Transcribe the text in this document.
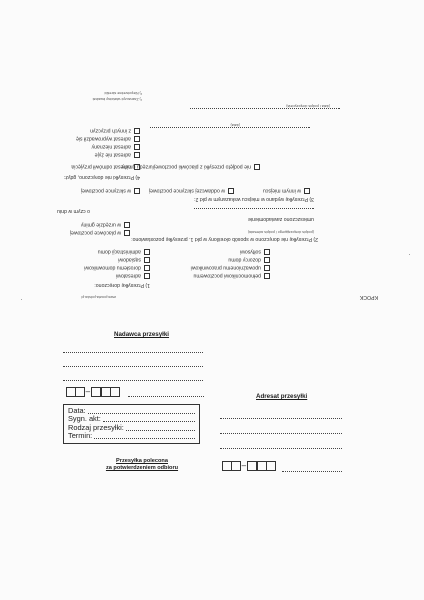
KPOCK
www.poczta-polska.pl
1) Przesyłkę doręczono:
adresatowi
dorosłemu domownikowi
sąsiadowi
administracji domu
pełnomocnikowi pocztowemu
upoważnionemu pracownikowi
dozorcy domu
sołtysowi
2) Przesyłkę nie doręczono w sposób określony w pkt 1. przesyłkę pozostawiono:
(podpis doręczającego / podpis adresata)
w placówce pocztowej
w urzędzie gminy
umieszczono zawiadomienie
o czym w dniu
3) Przesyłkę wydano w miejscu wskazanym w pkt 2:
w skrzynce pocztowej	w oddawczej skrzynce pocztowej	w innym miejscu
4) Przesyłki nie doręczono, gdyż:
adresat odmówił przyjęcia
nie podjęto przesyłki z placówki pocztowej/urzędu gminy
adresat nie żyje
adresat nieznany
adresat wyprowadził się
z innych przyczyn
(data)
(data i podpis doręczyciela)
¹) Zaznaczyć właściwy kwadrat
²) Niepotrzebne skreślić
Nadawca przesyłki
–
Data:
Sygn. akt:
Rodzaj przesyłki:
Termin:
Przesyłka polecona
za potwierdzeniem odbioru
Adresat przesyłki
–
